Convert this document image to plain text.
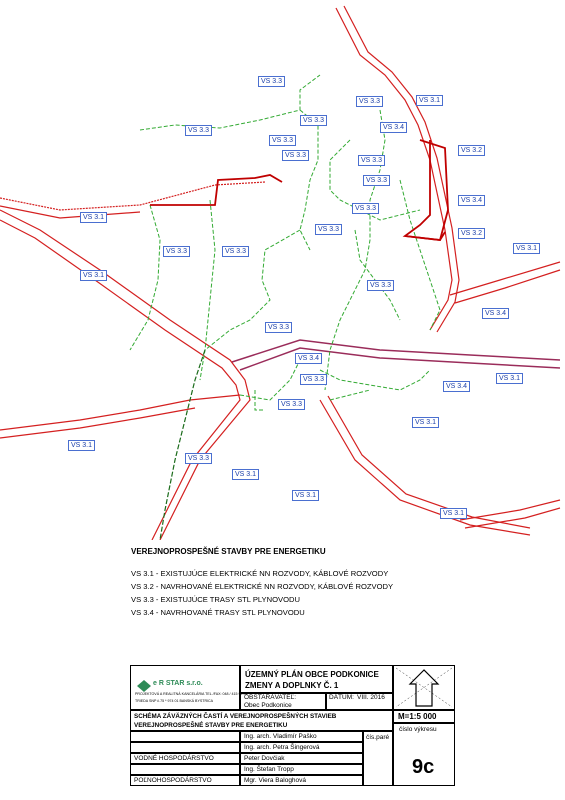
VS 3.3
VS 3.3	VS 3.1
VS 3.3
VS 3.3
VS 3.3
VS 3.4
VS 3.2
VS 3.3
VS 3.3
VS 3.3
VS 3.4
VS 3.3
VS 3.3
VS 3.2
VS 3.1
VS 3.3	VS 3.3	VS 3.1
VS 3.1
VS 3.3
VS 3.4
VS 3.3
VS 3.4
VS 3.1
VS 3.3
VS 3.4
VS 3.3
VS 3.1
VS 3.1
VS 3.3
VS 3.1
VS 3.1
VS 3.1
VEREJNOPROSPEŠNÉ STAVBY PRE ENERGETIKU
VS 3.1 - EXISTUJÚCE ELEKTRICKÉ NN ROZVODY, KÁBLOVÉ ROZVODY
VS 3.2 - NAVRHOVANÉ ELEKTRICKÉ NN ROZVODY, KÁBLOVÉ ROZVODY
VS 3.3 - EXISTUJÚCE TRASY STL PLYNOVODU
VS 3.4 - NAVRHOVANÉ TRASY STL PLYNOVODU
e R STAR s.r.o.
PROJEKTOVÁ A REALITNÁ KANCELÁRIA TEL./FAX: 048 / 415 99 04
TRIEDA SNP č.75 * 974 01 BANSKÁ BYSTRICA
ÚZEMNÝ PLÁN OBCE PODKONICE
ZMENY A DOPLNKY Č. 1
OBSTARÁVATEĽ:
Obec Podkonice
DÁTUM: VIII. 2016
M=1:5 000
SCHÉMA ZÁVÄZNÝCH ČASTÍ A VEREJNOPROSPEŠNÝCH STAVIEB
VEREJNOPROSPEŠNÉ STAVBY PRE ENERGETIKU
Ing. arch. Vladimír Paško
Ing. arch. Petra Šingerová
VODNÉ HOSPODÁRSTVO	Peter Dovčiak
Ing. Štefan Tropp
POĽNOHOSPODÁRSTVO	Mgr. Viera Baloghová
čís.paré
číslo výkresu
9c
